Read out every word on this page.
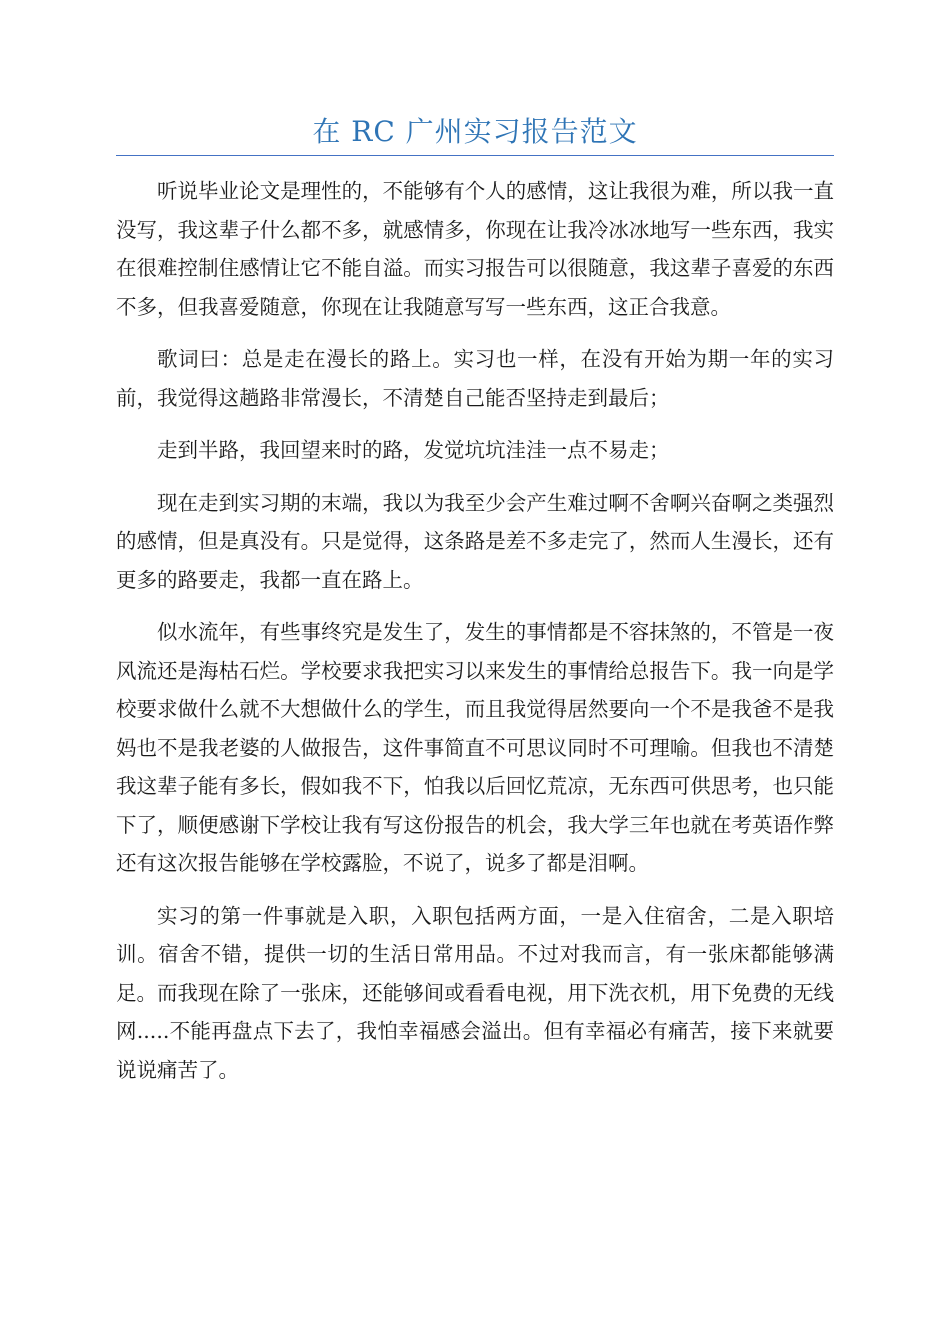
在 RC 广州实习报告范文

听说毕业论文是理性的，不能够有个人的感情，这让我很为难，所以我一直没写，我这辈子什么都不多，就感情多，你现在让我冷冰冰地写一些东西，我实在很难控制住感情让它不能自溢。而实习报告可以很随意，我这辈子喜爱的东西不多，但我喜爱随意，你现在让我随意写写一些东西，这正合我意。

歌词曰：总是走在漫长的路上。实习也一样，在没有开始为期一年的实习前，我觉得这趟路非常漫长，不清楚自己能否坚持走到最后；

走到半路，我回望来时的路，发觉坑坑洼洼一点不易走；

现在走到实习期的末端，我以为我至少会产生难过啊不舍啊兴奋啊之类强烈的感情，但是真没有。只是觉得，这条路是差不多走完了，然而人生漫长，还有更多的路要走，我都一直在路上。

似水流年，有些事终究是发生了，发生的事情都是不容抹煞的，不管是一夜风流还是海枯石烂。学校要求我把实习以来发生的事情给总报告下。我一向是学校要求做什么就不大想做什么的学生，而且我觉得居然要向一个不是我爸不是我妈也不是我老婆的人做报告，这件事简直不可思议同时不可理喻。但我也不清楚我这辈子能有多长，假如我不下，怕我以后回忆荒凉，无东西可供思考，也只能下了，顺便感谢下学校让我有写这份报告的机会，我大学三年也就在考英语作弊还有这次报告能够在学校露脸，不说了，说多了都是泪啊。

实习的第一件事就是入职，入职包括两方面，一是入住宿舍，二是入职培训。宿舍不错，提供一切的生活日常用品。不过对我而言，有一张床都能够满足。而我现在除了一张床，还能够间或看看电视，用下洗衣机，用下免费的无线网.....不能再盘点下去了，我怕幸福感会溢出。但有幸福必有痛苦，接下来就要说说痛苦了。
